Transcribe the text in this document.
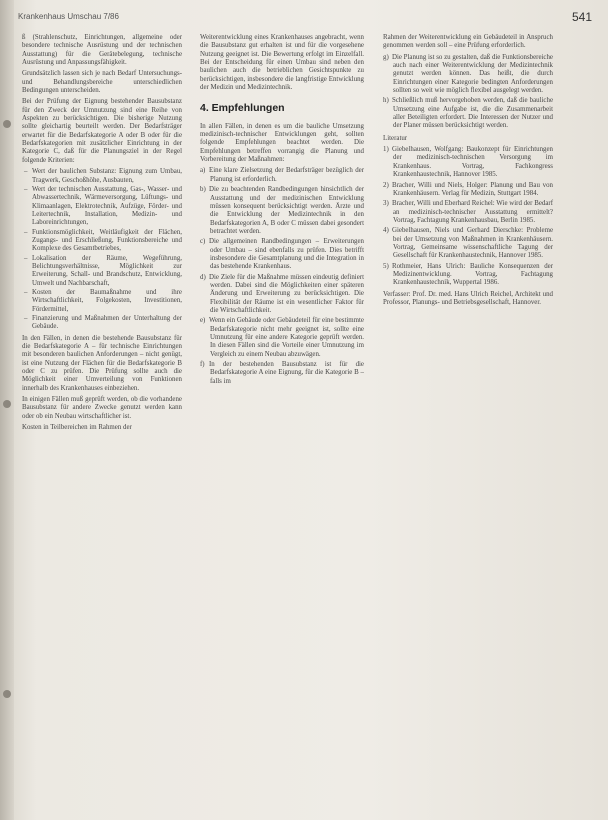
Krankenhaus Umschau 7/86	541

ß (Strahlenschutz, Einrichtungen, allgemeine oder besondere technische Ausrüstung und der technischen Ausstattung) für die Gerätebelegung, technische Ausrüstung und Anpassungsfähigkeit.

Grundsätzlich lassen sich je nach Bedarf Untersuchungs- und Behandlungsbereiche unterschiedlichen Bedingungen unterscheiden.

Bei der Prüfung der Eignung bestehender Bausubstanz für den Zweck der Umnutzung sind eine Reihe von Aspekten zu berücksichtigen. Die bisherige Nutzung sollte gleichartig beurteilt werden. Der Bedarfsträger erwartet für die Bedarfskategorie A oder B oder für die Bedarfskategorien mit zusätzlicher Einrichtung in der Kategorie C, daß für die Planungsziel in der Regel folgende Kriterien:

– Wert der baulichen Substanz: Eignung zum Umbau, Tragwerk, Geschoßhöhe, Ausbauten,
– Wert der technischen Ausstattung, Gas-, Wasser- und Abwassertechnik, Wärmeversorgung, Lüftungs- und Klimaanlagen, Elektrotechnik, Aufzüge, Förder- und Leitertechnik, Installation, Medizin- und Laboreinrichtungen,
– Funktionsmöglichkeit, Weitläufigkeit der Flächen, Zugangs- und Erschließung, Funktionsbereiche und Komplexe des Gesamtbetriebes,
– Lokalisation der Räume, Wegeführung, Belichtungsverhältnisse, Möglichkeit zur Erweiterung, Schall- und Brandschutz, Entwicklung, Umwelt und Nachbarschaft,
– Kosten der Baumaßnahme und ihre Wirtschaftlichkeit, Folgekosten, Investitionen, Fördermittel,
– Finanzierung und Maßnahmen der Unterhaltung der Gebäude.

In den Fällen, in denen die bestehende Bausubstanz für die Bedarfskategorie A – für technische Einrichtungen mit besonderen baulichen Anforderungen – nicht genügt, ist eine Nutzung der Flächen für die Bedarfskategorie B oder C zu prüfen. Die Prüfung sollte auch die Möglichkeit einer Umverteilung von Funktionen innerhalb des Krankenhauses einbeziehen.

In einigen Fällen muß geprüft werden, ob die vorhandene Bausubstanz für andere Zwecke genutzt werden kann oder ob ein Neubau wirtschaftlicher ist.

Kosten in Teilbereichen im Rahmen der

Weiterentwicklung eines Krankenhauses angebracht, wenn die Bausubstanz gut erhalten ist und für die vorgesehene Nutzung geeignet ist. Die Bewertung erfolgt im Einzelfall. Bei der Entscheidung für einen Umbau sind neben den baulichen auch die betrieblichen Gesichtspunkte zu berücksichtigen, insbesondere die langfristige Entwicklung der Medizin und Medizintechnik.

4. Empfehlungen

In allen Fällen, in denen es um die bauliche Umsetzung medizinisch-technischer Entwicklungen geht, sollten folgende Empfehlungen beachtet werden. Die Empfehlungen betreffen vorrangig die Planung und Vorbereitung der Maßnahmen:

a) Eine klare Zielsetzung der Bedarfsträger bezüglich der Planung ist erforderlich.
b) Die zu beachtenden Randbedingungen hinsichtlich der Ausstattung und der medizinischen Entwicklung müssen konsequent berücksichtigt werden. Ärzte und die Entwicklung der Medizintechnik in den Bedarfskategorien A, B oder C müssen dabei gesondert betrachtet werden.
c) Die allgemeinen Randbedingungen – Erweiterungen oder Umbau – sind ebenfalls zu prüfen. Dies betrifft insbesondere die Gesamtplanung und die Integration in das bestehende Krankenhaus.
d) Die Ziele für die Maßnahme müssen eindeutig definiert werden. Dabei sind die Möglichkeiten einer späteren Änderung und Erweiterung zu berücksichtigen. Die Flexibilität der Räume ist ein wesentlicher Faktor für die Wirtschaftlichkeit.
e) Wenn ein Gebäude oder Gebäudeteil für eine bestimmte Bedarfskategorie nicht mehr geeignet ist, sollte eine Umnutzung für eine andere Kategorie geprüft werden. In diesen Fällen sind die Vorteile einer Umnutzung im Vergleich zu einem Neubau abzuwägen.
f) In der bestehenden Bausubstanz ist für die Bedarfskategorie A eine Eignung, für die Kategorie B – falls im

Rahmen der Weiterentwicklung ein Gebäudeteil in Anspruch genommen werden soll – eine Prüfung erforderlich.

g) Die Planung ist so zu gestalten, daß die Funktionsbereiche auch nach einer Weiterentwicklung der Medizintechnik genutzt werden können. Das heißt, die durch Einrichtungen einer Kategorie bedingten Anforderungen sollten so weit wie möglich flexibel ausgelegt werden.
h) Schließlich muß hervorgehoben werden, daß die bauliche Umsetzung eine Aufgabe ist, die die Zusammenarbeit aller Beteiligten erfordert. Die Interessen der Nutzer und der Planer müssen berücksichtigt werden.

Literatur

1) Giebelhausen, Wolfgang: Baukonzept für Einrichtungen der medizinisch-technischen Versorgung im Krankenhaus. Vortrag, Fachkongress Krankenhaustechnik, Hannover 1985.
2) Bracher, Willi und Niels, Holger: Planung und Bau von Krankenhäusern. Verlag für Medizin, Stuttgart 1984.
3) Bracher, Willi und Eberhard Reichel: Wie wird der Bedarf an medizinisch-technischer Ausstattung ermittelt? Vortrag, Fachtagung Krankenhausbau, Berlin 1985.
4) Giebelhausen, Niels und Gerhard Dierschke: Probleme bei der Umsetzung von Maßnahmen in Krankenhäusern. Vortrag, Gemeinsame wissenschaftliche Tagung der Gesellschaft für Krankenhaustechnik, Hannover 1985.
5) Rothmeier, Hans Ulrich: Bauliche Konsequenzen der Medizinentwicklung. Vortrag, Fachtagung Krankenhaustechnik, Wuppertal 1986.

Verfasser: Prof. Dr. med. Hans Ulrich Reichel, Architekt und Professor, Planungs- und Betriebsgesellschaft, Hannover.
